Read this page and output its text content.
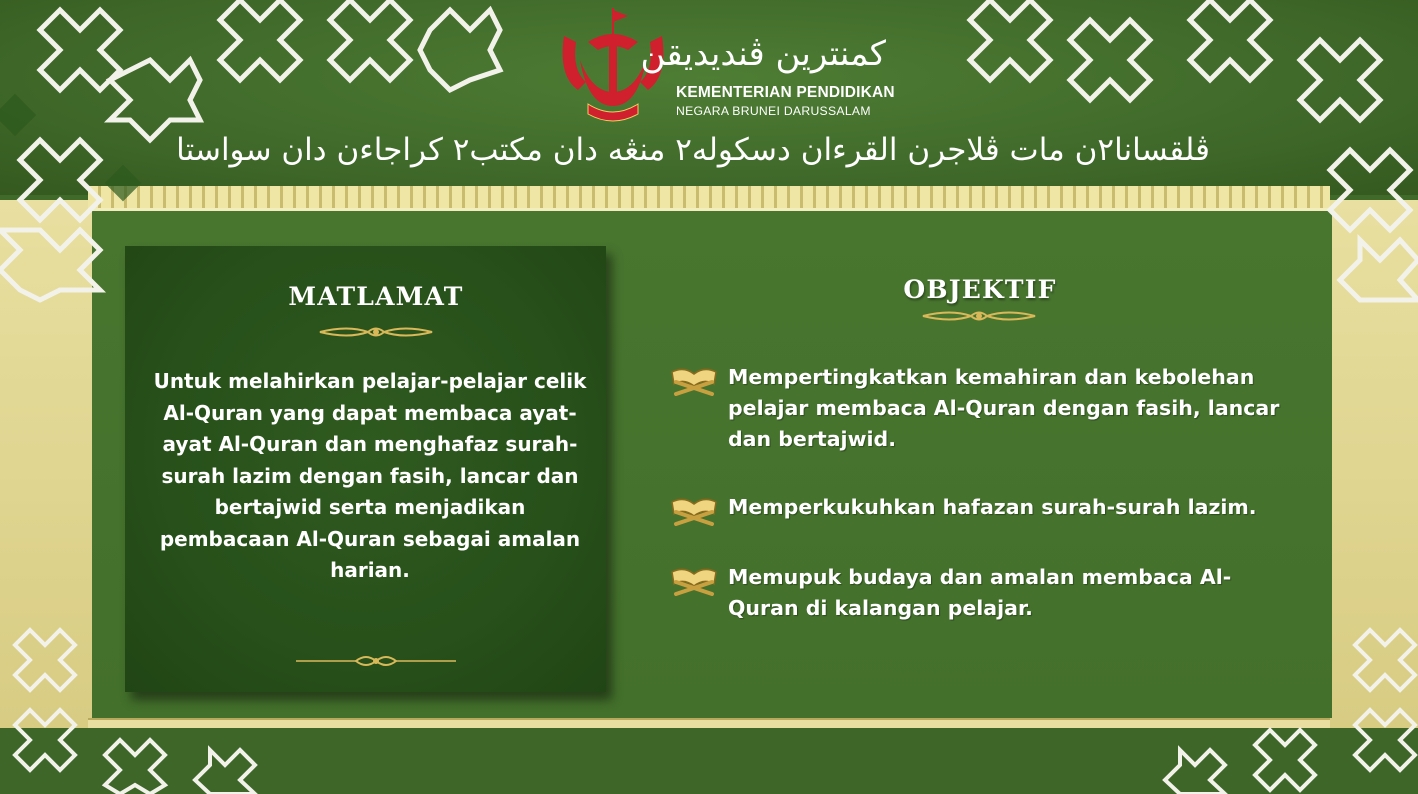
كمنترين ڤنديديقن
KEMENTERIAN PENDIDIKAN
NEGARA BRUNEI DARUSSALAM
ڤلقسانا٢ن مات ڤلاجرن القرءان دسكوله٢ منڠه دان مکتب٢ کراجاءن دان سواستا
MATLAMAT
Untuk melahirkan pelajar-pelajar celik Al-Quran yang dapat membaca ayat-ayat Al-Quran dan menghafaz surah-surah lazim dengan fasih, lancar dan bertajwid serta menjadikan pembacaan Al-Quran sebagai amalan harian.
OBJEKTIF
Mempertingkatkan kemahiran dan kebolehan pelajar membaca Al-Quran dengan fasih, lancar dan bertajwid.
Memperkukuhkan hafazan surah-surah lazim.
Memupuk budaya dan amalan membaca Al-Quran di kalangan pelajar.
